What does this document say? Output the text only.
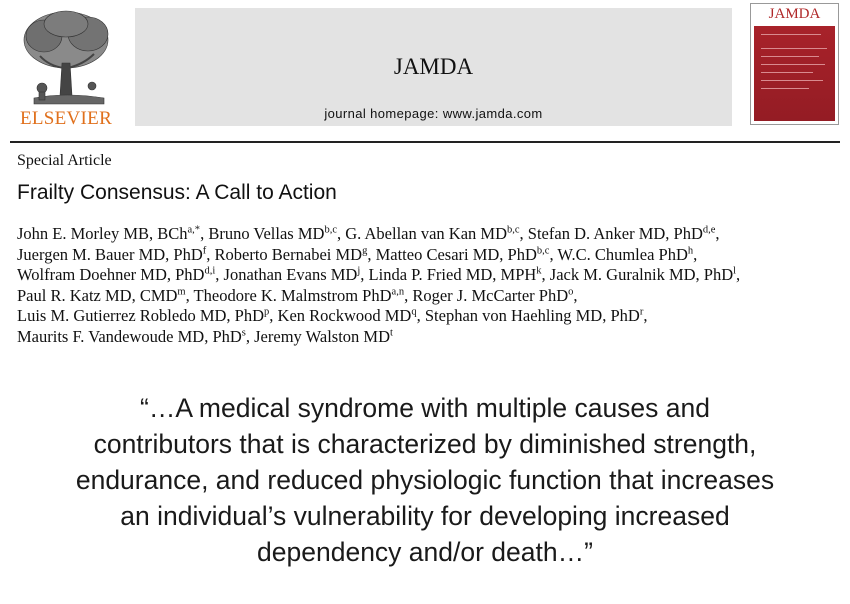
ELSEVIER
JAMDA
journal homepage: www.jamda.com
JAMDA
Special Article
Frailty Consensus: A Call to Action
John E. Morley MB, BCh$^{a,*}$, Bruno Vellas MD$^{b,c}$, G. Abellan van Kan MD$^{b,c}$, Stefan D. Anker MD, PhD$^{d,e}$,
Juergen M. Bauer MD, PhD$^f$, Roberto Bernabei $MD^g$, Matteo Cesari MD, PhD$^{b,c}$, W.C. Chumlea PhD$^h$,
Wolfram Doehner MD, PhD$^{d,i}$, Jonathan Evans $MD^j$, Linda P. Fried MD, MPH$^k$, Jack M. Guralnik MD, PhD$^l$,
Paul R. Katz MD, CMD$^m$, Theodore K. Malmstrom PhD$^{a,n}$, Roger J. McCarter PhD$^o$,
Luis M. Gutierrez Robledo MD, PhD$^p$, Ken Rockwood $MD^q$, Stephan von Haehling MD, PhD$^r$,
Maurits F. Vandewoude MD, PhD$^s$, Jeremy Walston $MD^t$
“…A medical syndrome with multiple causes and
contributors that is characterized by diminished strength,
endurance, and reduced physiologic function that increases
an individual’s vulnerability for developing increased
dependency and/or death…”
